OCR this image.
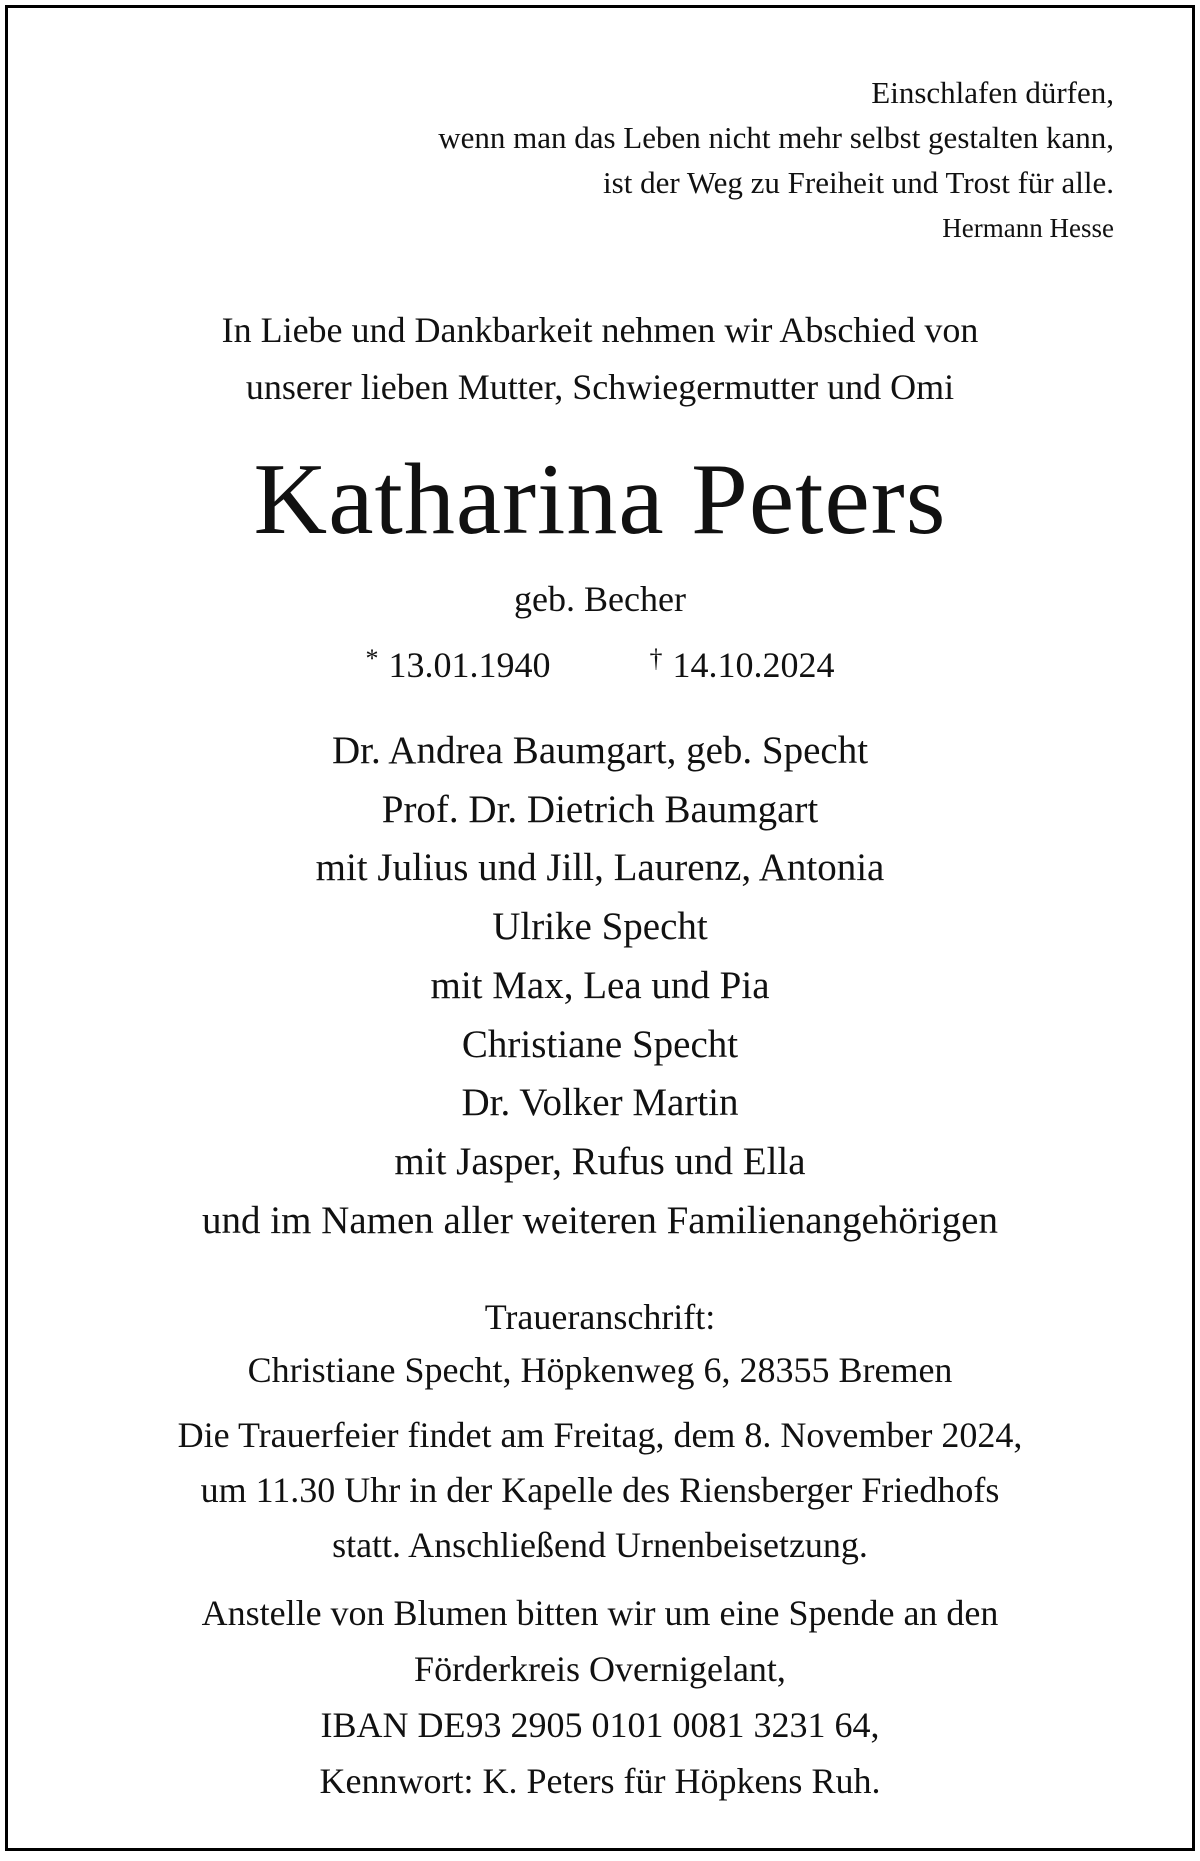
Einschlafen dürfen,
wenn man das Leben nicht mehr selbst gestalten kann,
ist der Weg zu Freiheit und Trost für alle.
Hermann Hesse
In Liebe und Dankbarkeit nehmen wir Abschied von
unserer lieben Mutter, Schwiegermutter und Omi
Katharina Peters
geb. Becher
* 13.01.1940	† 14.10.2024
Dr. Andrea Baumgart, geb. Specht
Prof. Dr. Dietrich Baumgart
mit Julius und Jill, Laurenz, Antonia
Ulrike Specht
mit Max, Lea und Pia
Christiane Specht
Dr. Volker Martin
mit Jasper, Rufus und Ella
und im Namen aller weiteren Familienangehörigen
Traueranschrift:
Christiane Specht, Höpkenweg 6, 28355 Bremen
Die Trauerfeier findet am Freitag, dem 8. November 2024,
um 11.30 Uhr in der Kapelle des Riensberger Friedhofs
statt. Anschließend Urnenbeisetzung.
Anstelle von Blumen bitten wir um eine Spende an den
Förderkreis Overnigelant,
IBAN DE93 2905 0101 0081 3231 64,
Kennwort: K. Peters für Höpkens Ruh.
